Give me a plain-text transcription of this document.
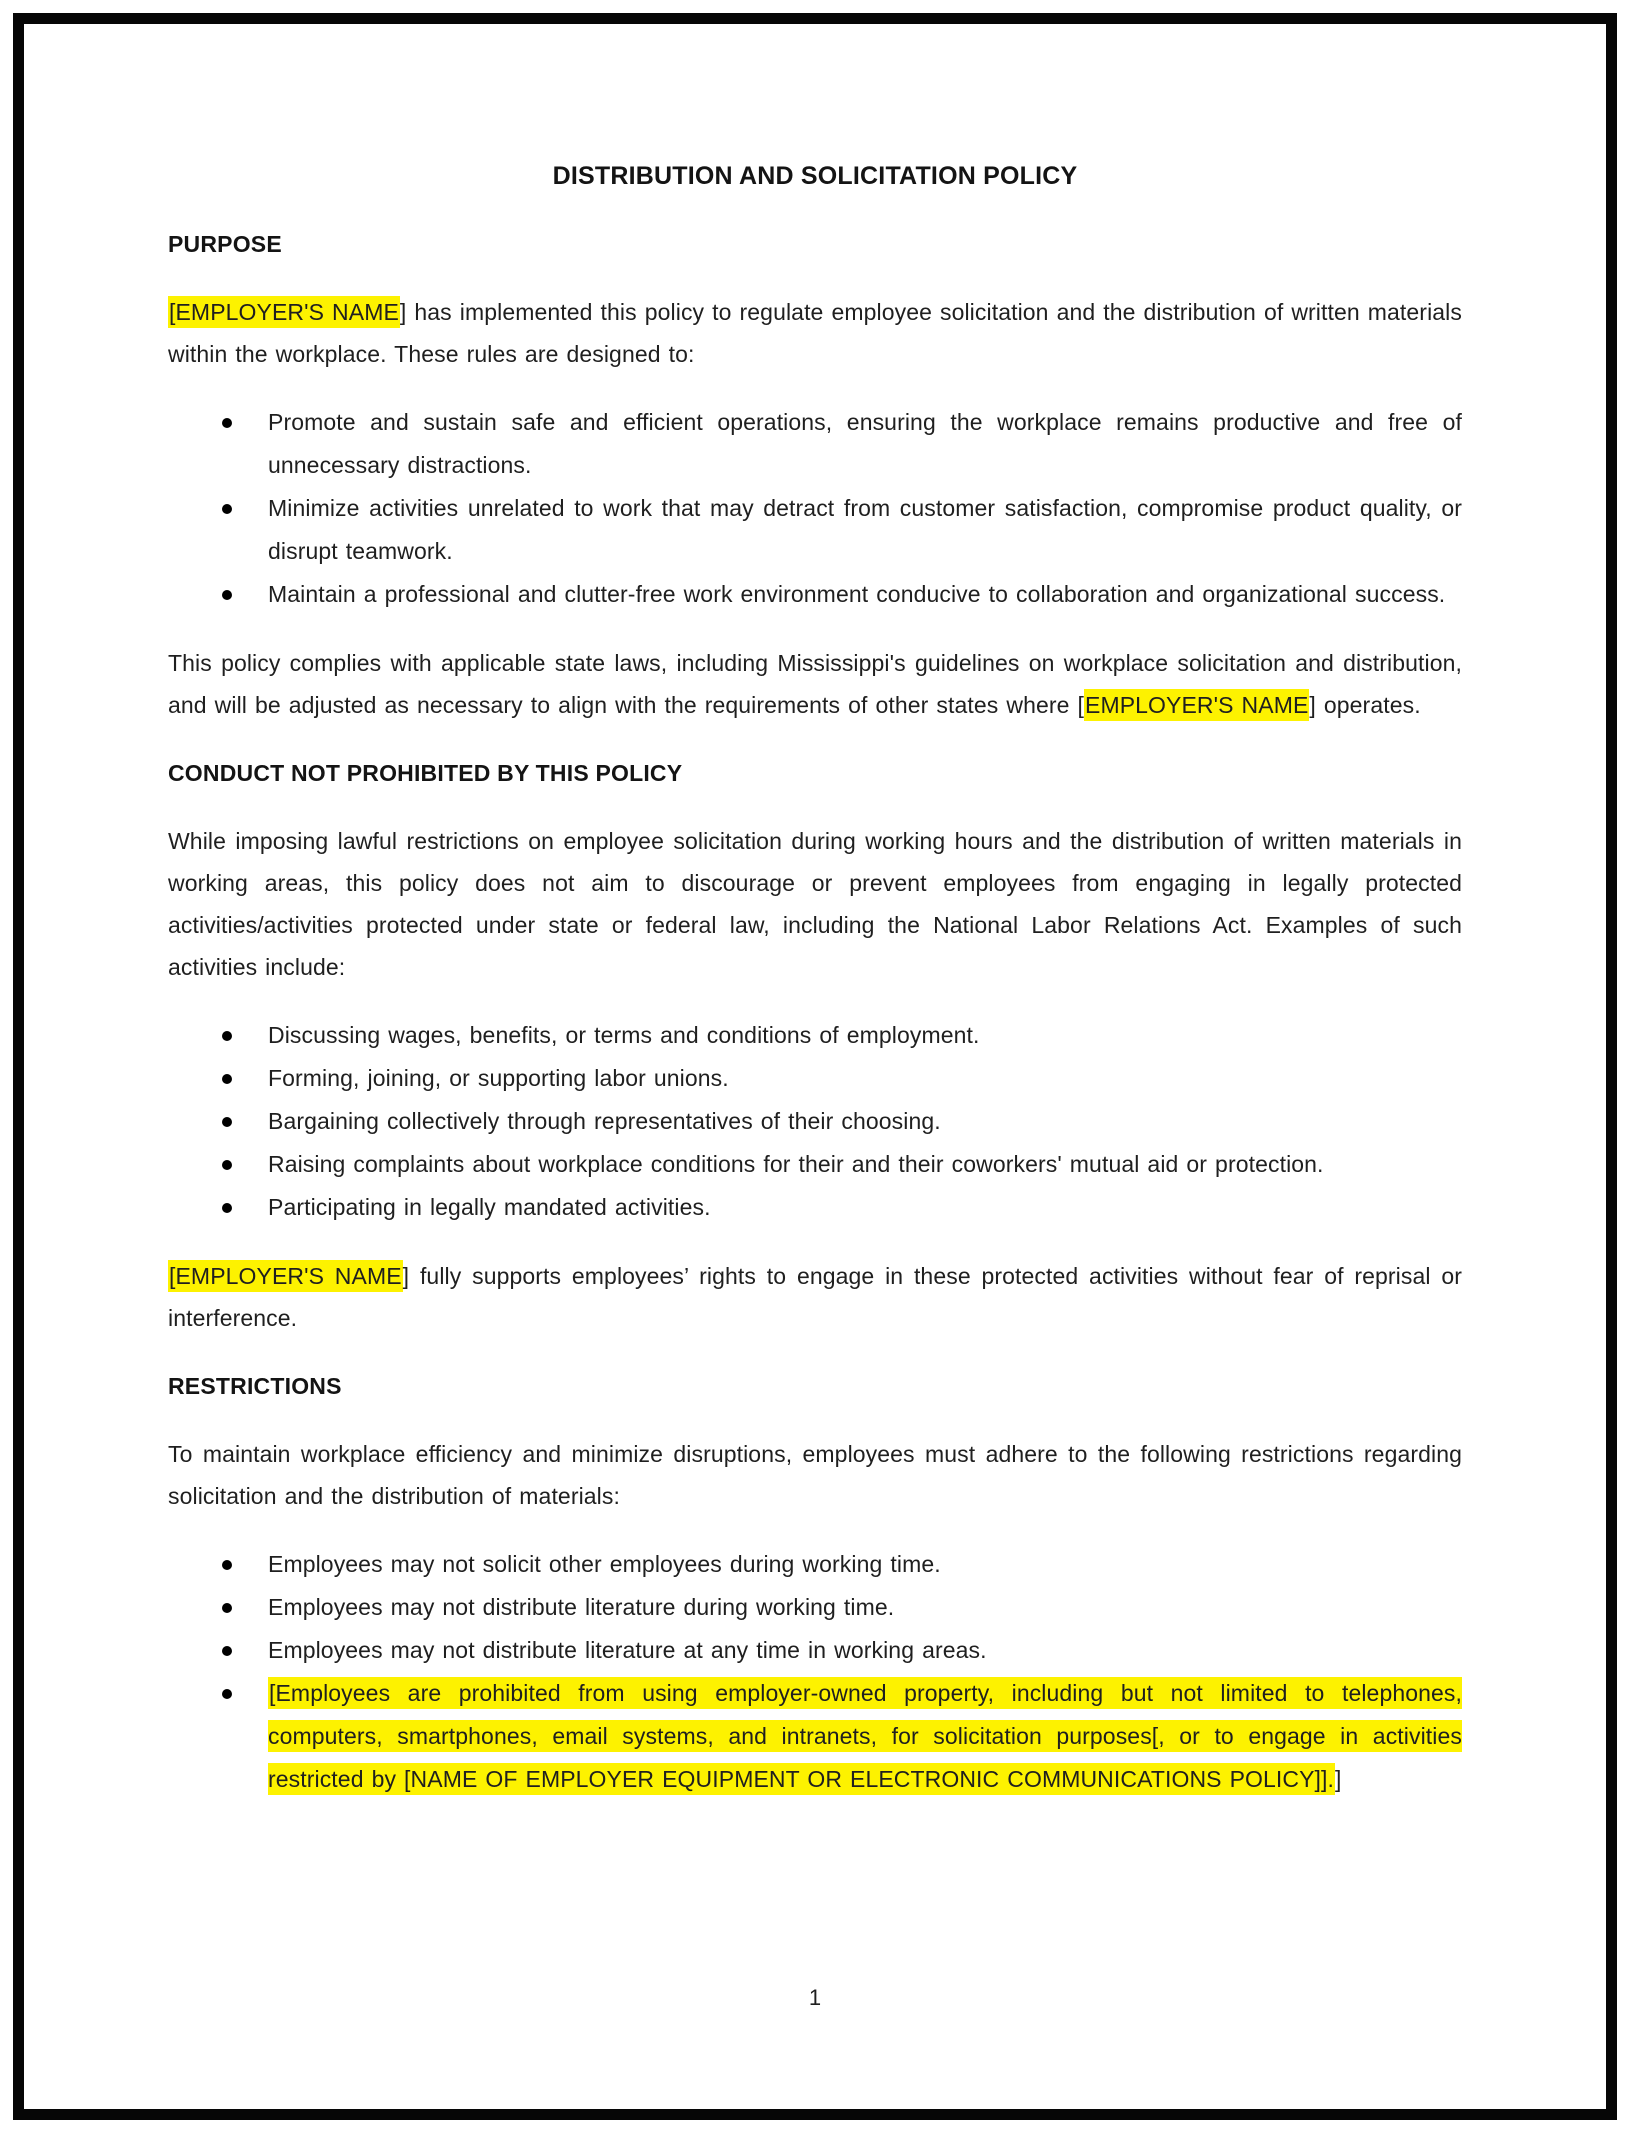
DISTRIBUTION AND SOLICITATION POLICY
PURPOSE

[EMPLOYER'S NAME] has implemented this policy to regulate employee solicitation and the distribution of written materials within the workplace. These rules are designed to:

Promote and sustain safe and efficient operations, ensuring the workplace remains productive and free of unnecessary distractions.
Minimize activities unrelated to work that may detract from customer satisfaction, compromise product quality, or disrupt teamwork.
Maintain a professional and clutter-free work environment conducive to collaboration and organizational success.

This policy complies with applicable state laws, including Mississippi's guidelines on workplace solicitation and distribution, and will be adjusted as necessary to align with the requirements of other states where [EMPLOYER'S NAME] operates.

CONDUCT NOT PROHIBITED BY THIS POLICY

While imposing lawful restrictions on employee solicitation during working hours and the distribution of written materials in working areas, this policy does not aim to discourage or prevent employees from engaging in legally protected activities/activities protected under state or federal law, including the National Labor Relations Act. Examples of such activities include:

Discussing wages, benefits, or terms and conditions of employment.
Forming, joining, or supporting labor unions.
Bargaining collectively through representatives of their choosing.
Raising complaints about workplace conditions for their and their coworkers' mutual aid or protection.
Participating in legally mandated activities.

[EMPLOYER'S NAME] fully supports employees’ rights to engage in these protected activities without fear of reprisal or interference.

RESTRICTIONS

To maintain workplace efficiency and minimize disruptions, employees must adhere to the following restrictions regarding solicitation and the distribution of materials:

Employees may not solicit other employees during working time.
Employees may not distribute literature during working time.
Employees may not distribute literature at any time in working areas.
[Employees are prohibited from using employer-owned property, including but not limited to telephones, computers, smartphones, email systems, and intranets, for solicitation purposes[, or to engage in activities restricted by [NAME OF EMPLOYER EQUIPMENT OR ELECTRONIC COMMUNICATIONS POLICY]].]
1
